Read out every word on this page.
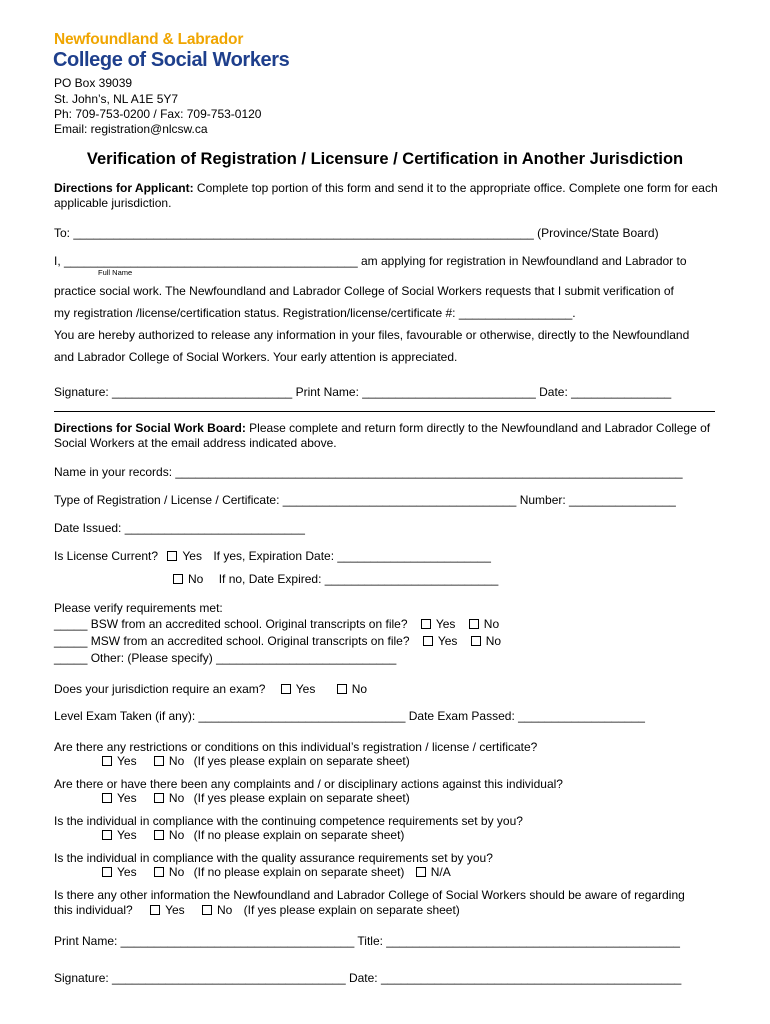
Newfoundland & Labrador
College of Social Workers
PO Box 39039
St. John’s, NL A1E 5Y7
Ph: 709-753-0200 / Fax: 709-753-0120
Email: registration@nlcsw.ca
Verification of Registration / Licensure / Certification in Another Jurisdiction
Directions for Applicant: Complete top portion of this form and send it to the appropriate office. Complete one form for each applicable jurisdiction.
To: _____________________________________________________________________ (Province/State Board)
I, ____________________________________________ am applying for registration in Newfoundland and Labrador to
Full Name
practice social work. The Newfoundland and Labrador College of Social Workers requests that I submit verification of
my registration /license/certification status. Registration/license/certificate #: _________________.
You are hereby authorized to release any information in your files, favourable or otherwise, directly to the Newfoundland
and Labrador College of Social Workers. Your early attention is appreciated.
Signature: ___________________________ Print Name: __________________________ Date: _______________
Directions for Social Work Board: Please complete and return form directly to the Newfoundland and Labrador College of Social Workers at the email address indicated above.
Name in your records: ____________________________________________________________________________
Type of Registration / License / Certificate: ___________________________________ Number: ________________
Date Issued: ___________________________
Is License Current? Yes If yes, Expiration Date: _______________________
No If no, Date Expired: __________________________
Please verify requirements met:
_____ BSW from an accredited school. Original transcripts on file? Yes No
_____ MSW from an accredited school. Original transcripts on file? Yes No
_____ Other: (Please specify) ___________________________
Does your jurisdiction require an exam?	Yes	No
Level Exam Taken (if any): _______________________________ Date Exam Passed: ___________________
Are there any restrictions or conditions on this individual’s registration / license / certificate?
Yes	No (If yes please explain on separate sheet)
Are there or have there been any complaints and / or disciplinary actions against this individual?
Yes	No (If yes please explain on separate sheet)
Is the individual in compliance with the continuing competence requirements set by you?
Yes	No (If no please explain on separate sheet)
Is the individual in compliance with the quality assurance requirements set by you?
Yes	No (If no please explain on separate sheet) N/A
Is there any other information the Newfoundland and Labrador College of Social Workers should be aware of regarding
this individual?	Yes	No (If yes please explain on separate sheet)
Print Name: ___________________________________ Title: ____________________________________________
Signature: ___________________________________ Date: _____________________________________________
